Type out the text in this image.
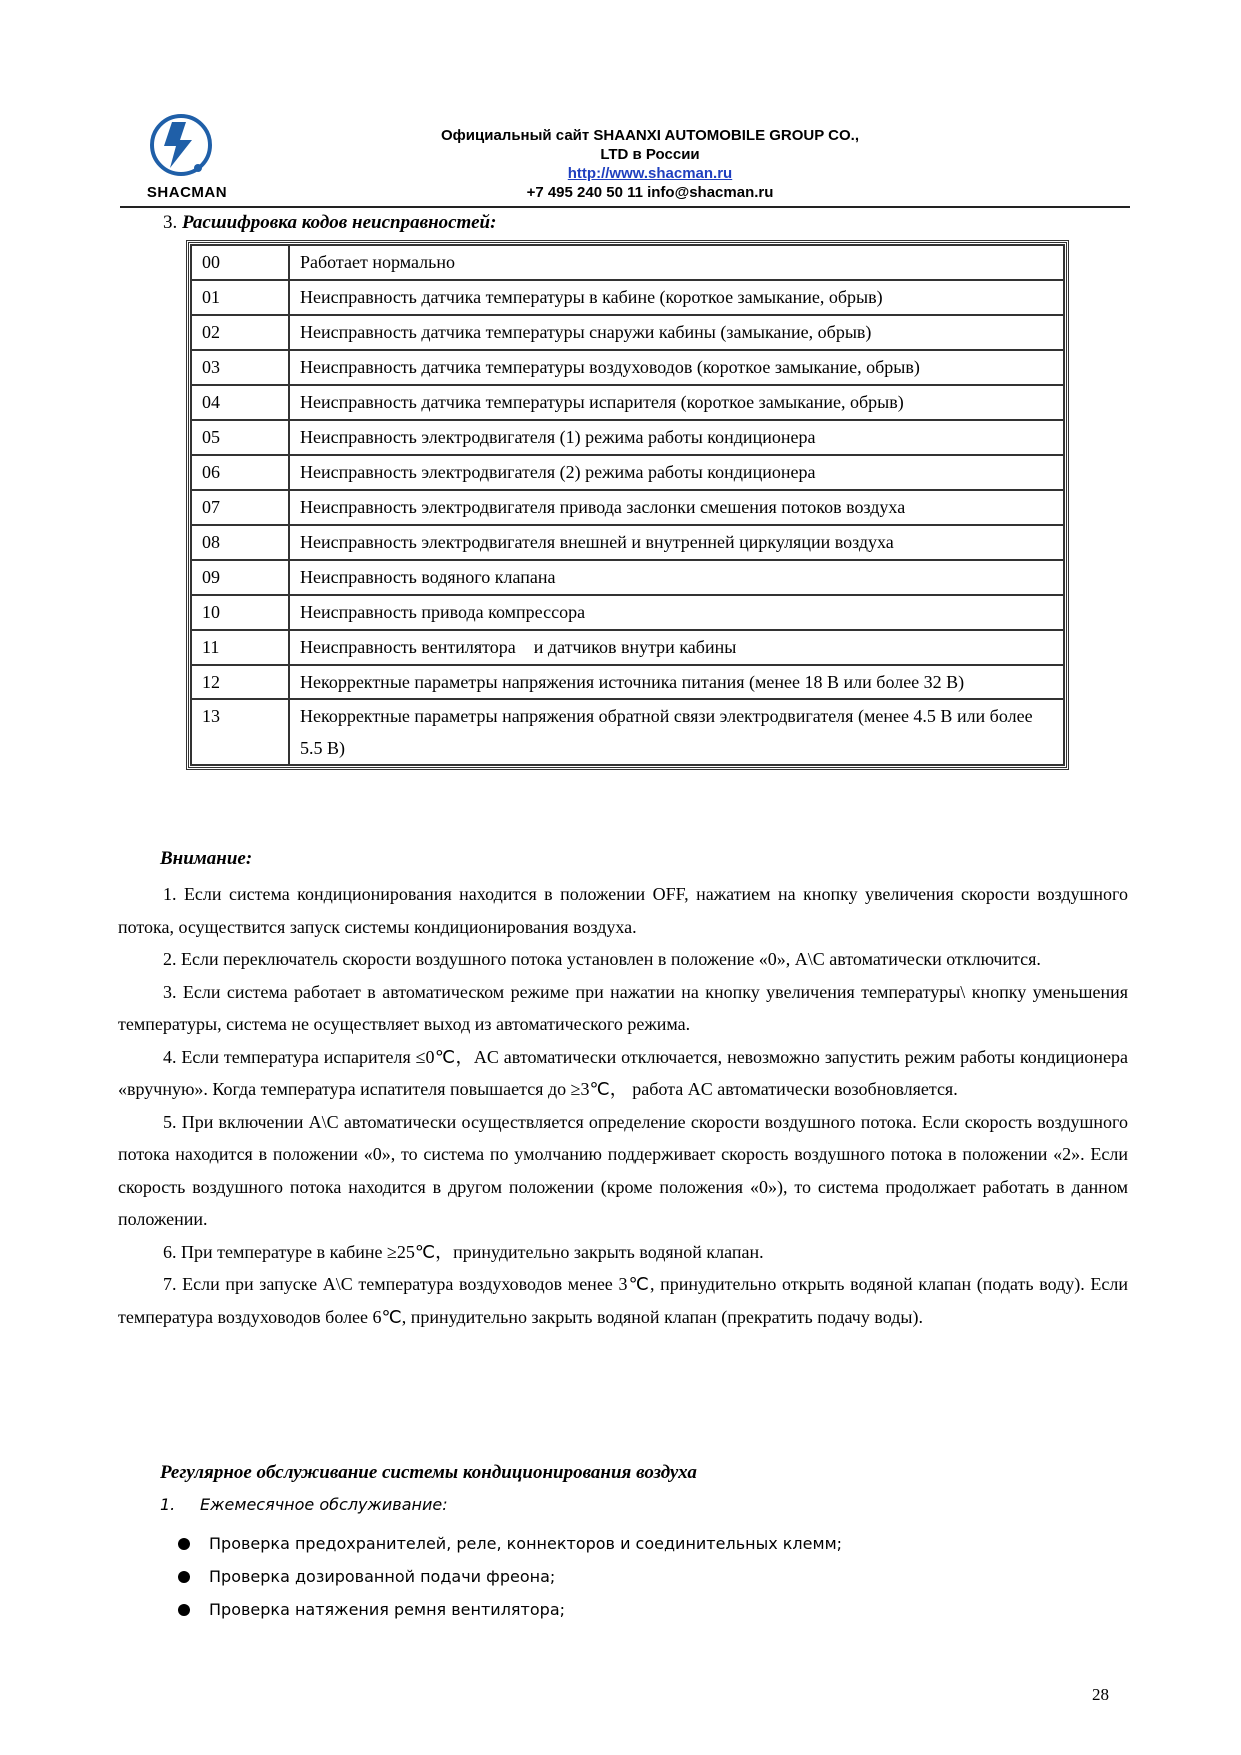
SHACMAN
Официальный сайт SHAANXI AUTOMOBILE GROUP CO.,
LTD в России
http://www.shacman.ru
+7 495 240 50 11 info@shacman.ru
3. Расшифровка кодов неисправностей:
00	Работает нормально
01	Неисправность датчика температуры в кабине (короткое замыкание, обрыв)
02	Неисправность датчика температуры снаружи кабины (замыкание, обрыв)
03	Неисправность датчика температуры воздуховодов (короткое замыкание, обрыв)
04	Неисправность датчика температуры испарителя (короткое замыкание, обрыв)
05	Неисправность электродвигателя (1) режима работы кондиционера
06	Неисправность электродвигателя (2) режима работы кондиционера
07	Неисправность электродвигателя привода заслонки смешения потоков воздуха
08	Неисправность электродвигателя внешней и внутренней циркуляции воздуха
09	Неисправность водяного клапана
10	Неисправность привода компрессора
11	Неисправность вентилятора    и датчиков внутри кабины
12	Некорректные параметры напряжения источника питания (менее 18 В или более 32 В)
13	Некорректные параметры напряжения обратной связи электродвигателя (менее 4.5 В или более 5.5 В)
Внимание:

1. Если система кондиционирования находится в положении OFF, нажатием на кнопку увеличения скорости воздушного потока, осуществится запуск системы кондиционирования воздуха.

2. Если переключатель скорости воздушного потока установлен в положение «0», A\C автоматически отключится.

3. Если система работает в автоматическом режиме при нажатии на кнопку увеличения температуры\ кнопку уменьшения температуры, система не осуществляет выход из автоматического режима.

4. Если температура испарителя ≤0℃，AC автоматически отключается, невозможно запустить режим работы кондиционера «вручную». Когда температура испатителя повышается до ≥3℃， работа AC автоматически возобновляется.

5. При включении A\C автоматически осуществляется определение скорости воздушного потока. Если скорость воздушного потока находится в положении «0», то система по умолчанию поддерживает скорость воздушного потока в положении «2». Если скорость воздушного потока находится в другом положении (кроме положения «0»), то система продолжает работать в данном положении.

6. При температуре в кабине ≥25℃，принудительно закрыть водяной клапан.

7. Если при запуске A\C температура воздуховодов менее 3℃, принудительно открыть водяной клапан (подать воду). Если температура воздуховодов более 6℃, принудительно закрыть водяной клапан (прекратить подачу воды).

Регулярное обслуживание системы кондиционирования воздуха
1. Ежемесячное обслуживание:
Проверка предохранителей, реле, коннекторов и соединительных клемм;
Проверка дозированной подачи фреона;
Проверка натяжения ремня вентилятора;
28
